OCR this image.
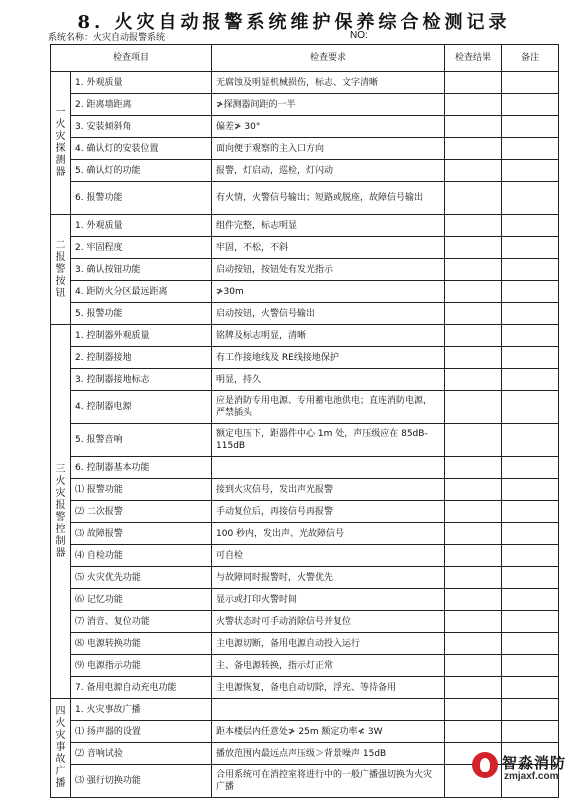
8. 火灾自动报警系统维护保养综合检测记录
系统名称：火灾自动报警系统	NO:
检查项目		检查要求	检查结果	备注
一火灾探测器	1. 外观质量	无腐蚀及明显机械损伤，标志、文字清晰		
	2. 距离墙距离	≯探测器间距的一半		
	3. 安装倾斜角	偏差≯ 30°		
	4. 确认灯的安装位置	面向便于观察的主入口方向		
	5. 确认灯的功能	报警，灯启动，巡检，灯闪动		
	6. 报警功能	有火情，火警信号输出；短路或脱座，故障信号输出		
二报警按钮	1. 外观质量	组件完整，标志明显		
	2. 牢固程度	牢固，不松，不斜		
	3. 确认按钮功能	启动按钮，按钮处有发光指示		
	4. 距防火分区最远距离	≯30m		
	5. 报警功能	启动按钮，火警信号输出		
三火灾报警控制器	1. 控制器外观质量	铭牌及标志明显，清晰		
	2. 控制器接地	有工作接地线及 RE线接地保护		
	3. 控制器接地标志	明显，持久		
	4. 控制器电源	应是消防专用电源、专用蓄电池供电；直连消防电源，严禁插头		
	5. 报警音响	额定电压下，距器件中心 1m 处，声压级应在 85dB-115dB		
	6. 控制器基本功能			
	⑴ 报警功能	接到火灾信号，发出声光报警		
	⑵ 二次报警	手动复位后，再接信号再报警		
	⑶ 故障报警	100 秒内，发出声、光故障信号		
	⑷ 自检功能	可自检		
	⑸ 火灾优先功能	与故障同时报警时，火警优先		
	⑹ 记忆功能	显示或打印火警时间		
	⑺ 消音、复位功能	火警状态时可手动消除信号并复位		
	⑻ 电源转换功能	主电源切断，备用电源自动投入运行		
	⑼ 电源指示功能	主、备电源转换，指示灯正常		
	7. 备用电源自动充电功能	主电源恢复，备电自动切除，浮充、等待备用		
四火灾事故广播	1. 火灾事故广播			
	⑴ 扬声器的设置	距本楼层内任意处≯ 25m 额定功率≮ 3W		
	⑵ 音响试验	播放范围内最远点声压级＞背景噪声 15dB		
	⑶ 强行切换功能	合用系统可在消控室将进行中的一般广播强切换为火灾广播		
智淼消防
zmjaxf.com
